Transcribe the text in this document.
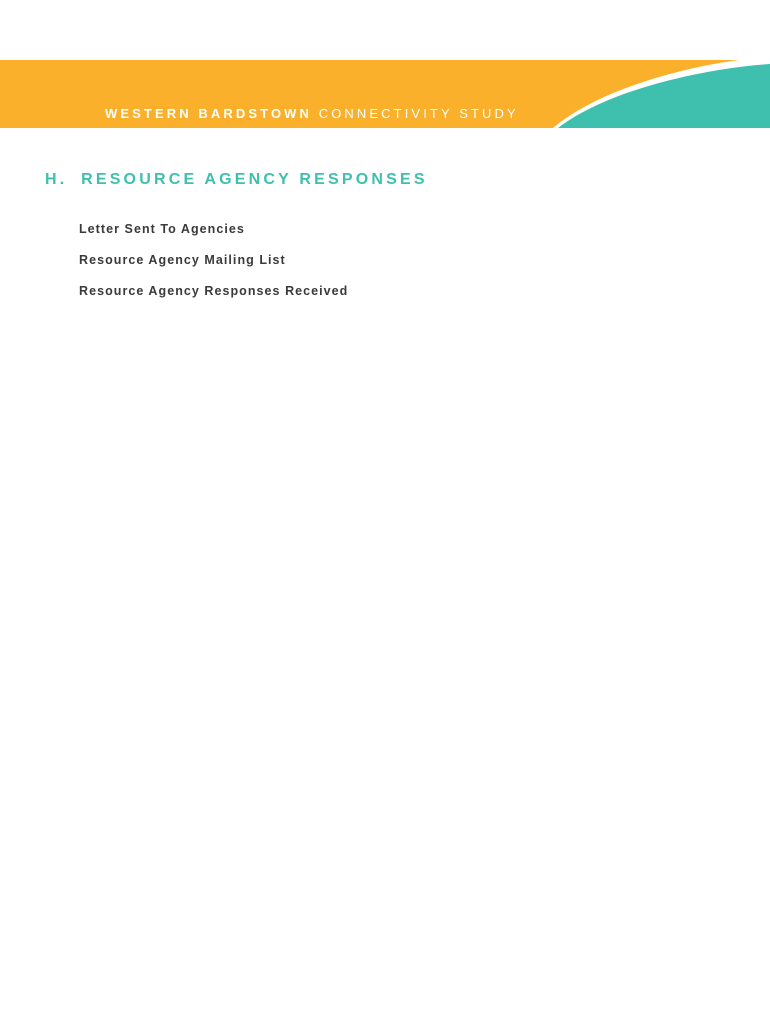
WESTERN BARDSTOWN CONNECTIVITY STUDY
H. RESOURCE AGENCY RESPONSES
Letter Sent To Agencies
Resource Agency Mailing List
Resource Agency Responses Received
